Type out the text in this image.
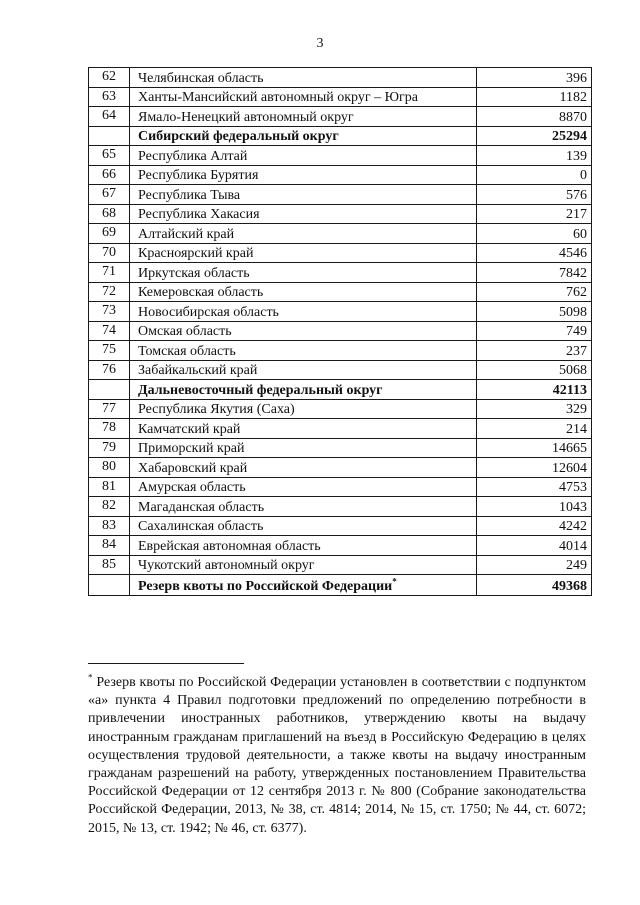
3
62	Челябинская область	396
63	Ханты-Мансийский автономный округ – Югра	1182
64	Ямало-Ненецкий автономный округ	8870
	Сибирский федеральный округ	25294
65	Республика Алтай	139
66	Республика Бурятия	0
67	Республика Тыва	576
68	Республика Хакасия	217
69	Алтайский край	60
70	Красноярский край	4546
71	Иркутская область	7842
72	Кемеровская область	762
73	Новосибирская область	5098
74	Омская область	749
75	Томская область	237
76	Забайкальский край	5068
	Дальневосточный федеральный округ	42113
77	Республика Якутия (Саха)	329
78	Камчатский край	214
79	Приморский край	14665
80	Хабаровский край	12604
81	Амурская область	4753
82	Магаданская область	1043
83	Сахалинская область	4242
84	Еврейская автономная область	4014
85	Чукотский автономный округ	249
	Резерв квоты по Российской Федерации*	49368

* Резерв квоты по Российской Федерации установлен в соответствии с подпунктом «а» пункта 4 Правил подготовки предложений по определению потребности в привлечении иностранных работников, утверждению квоты на выдачу иностранным гражданам приглашений на въезд в Российскую Федерацию в целях осуществления трудовой деятельности, а также квоты на выдачу иностранным гражданам разрешений на работу, утвержденных постановлением Правительства Российской Федерации от 12 сентября 2013 г. № 800 (Собрание законодательства Российской Федерации, 2013, № 38, ст. 4814; 2014, № 15, ст. 1750; № 44, ст. 6072; 2015, № 13, ст. 1942; № 46, ст. 6377).
